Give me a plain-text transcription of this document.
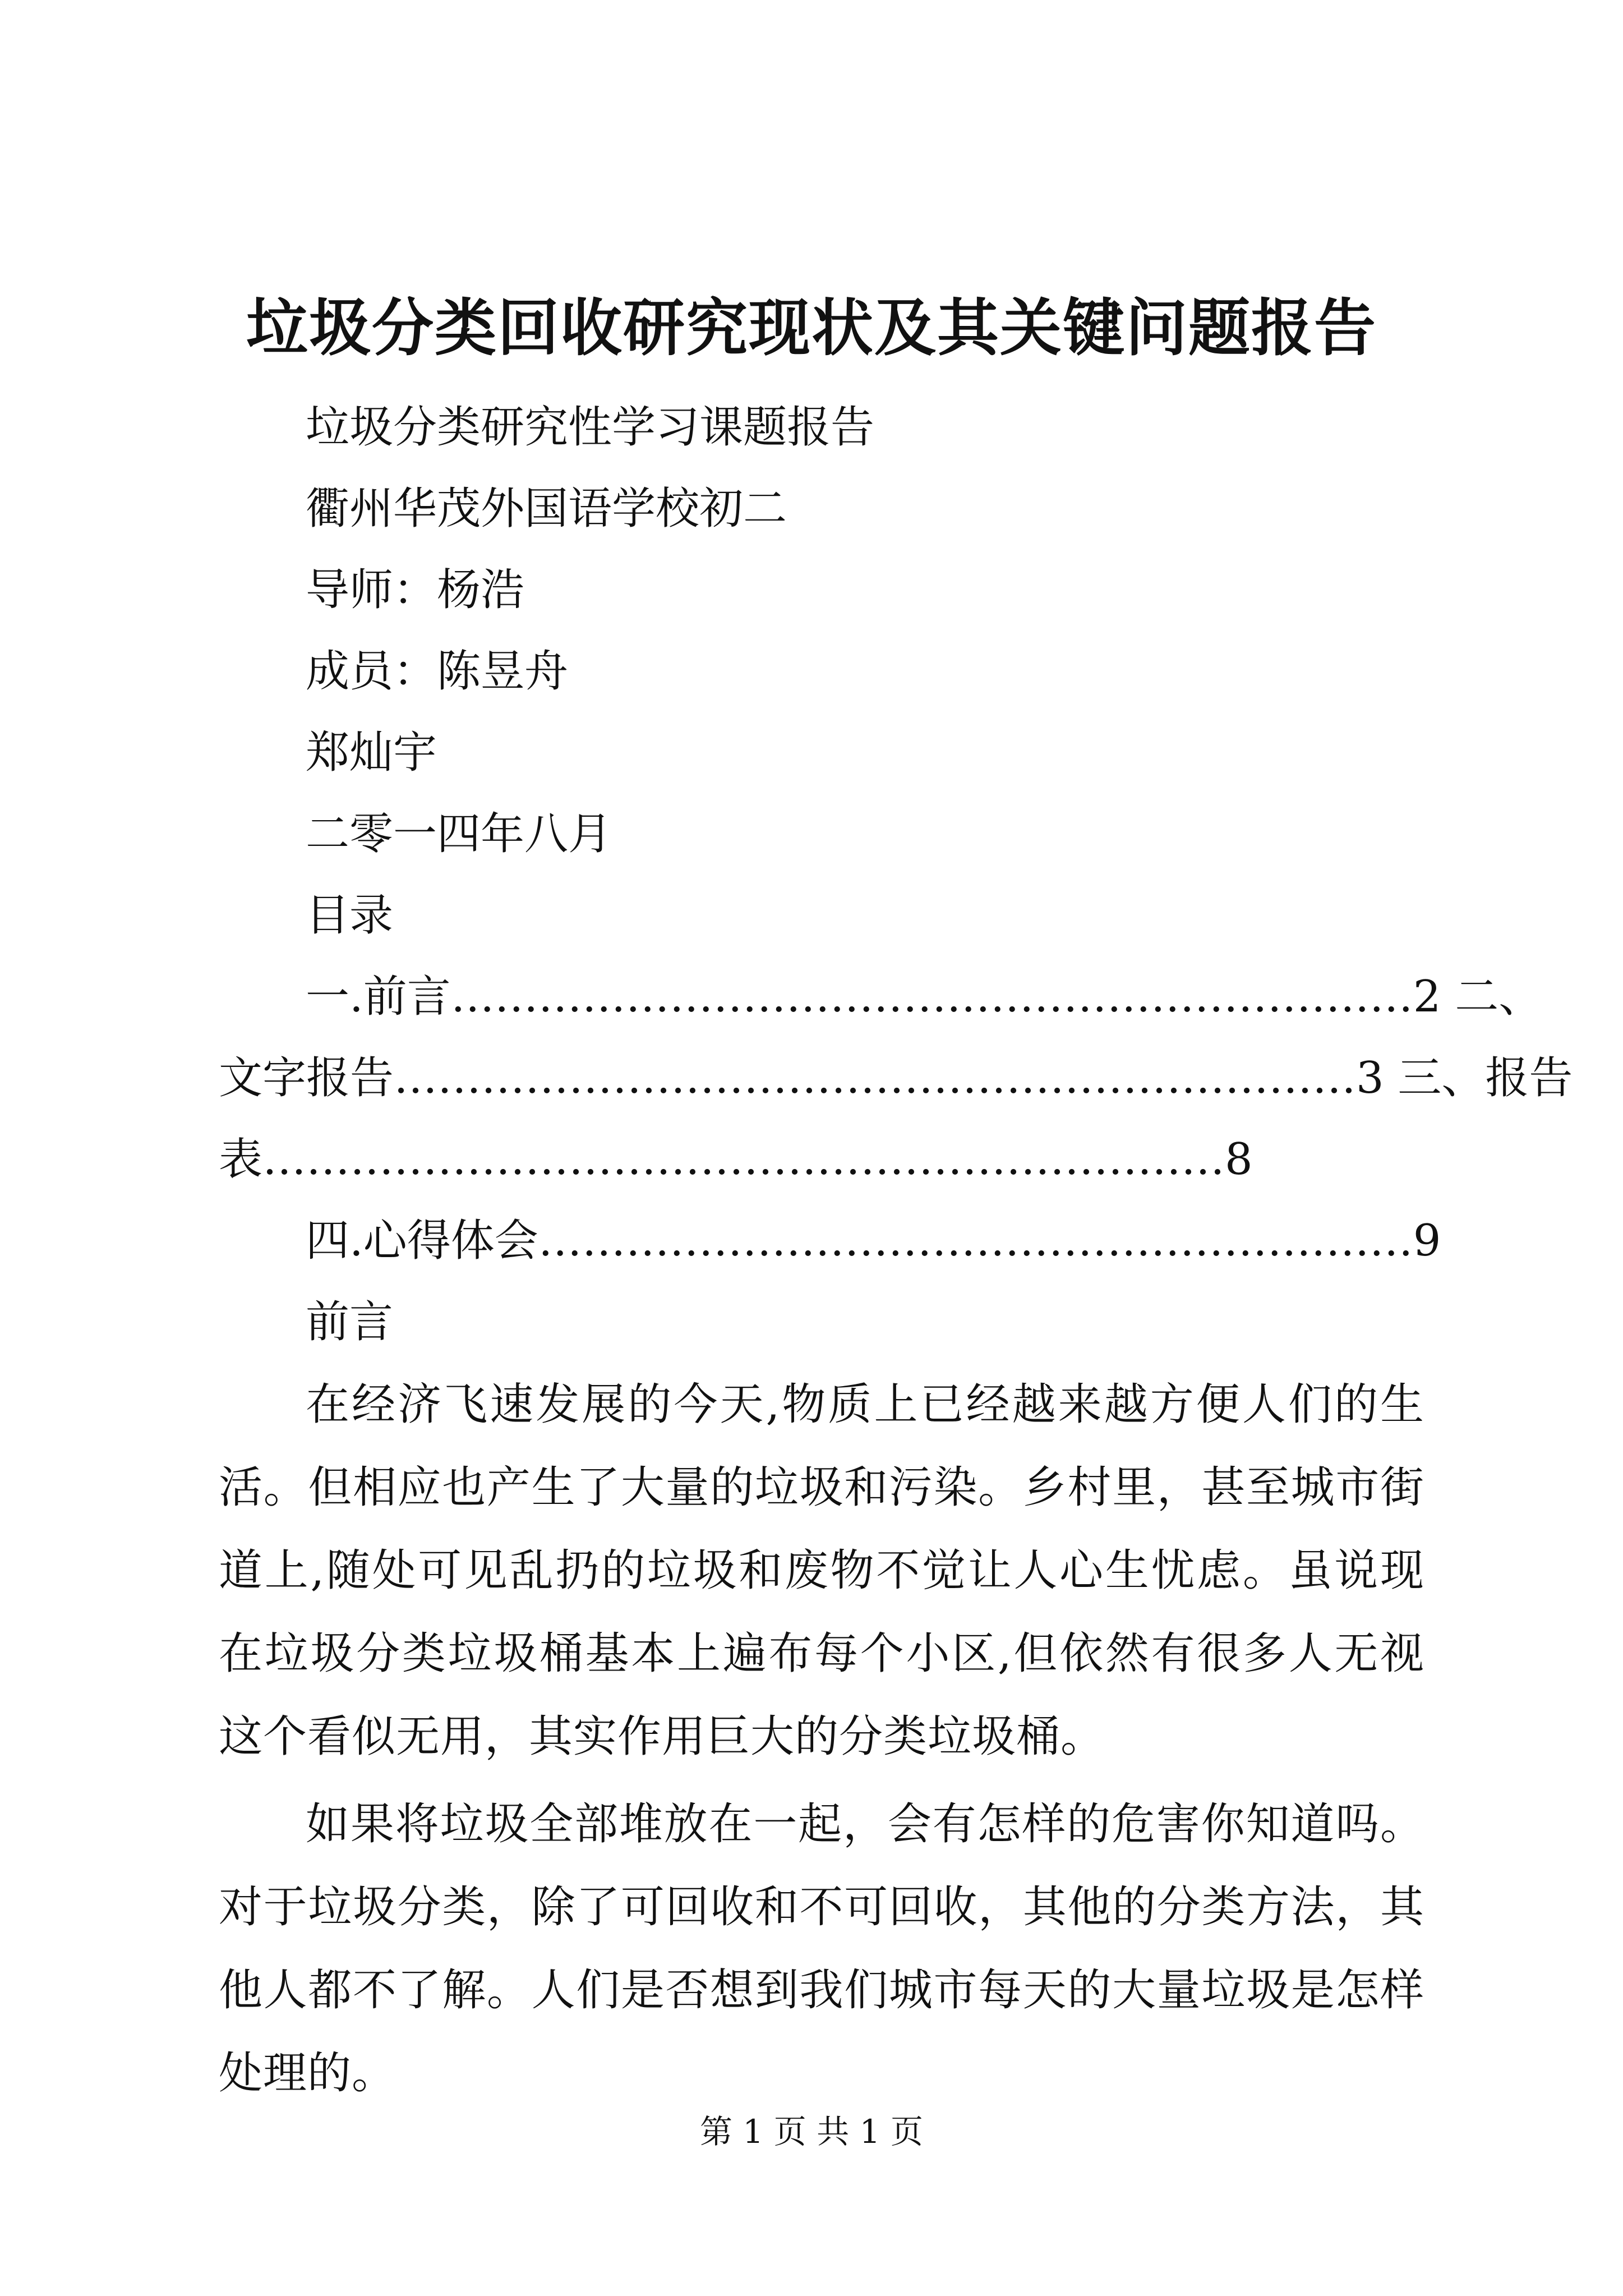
垃圾分类回收研究现状及其关键问题报告

垃圾分类研究性学习课题报告

衢州华茂外国语学校初二

导师：杨浩

成员：陈昱舟

郑灿宇

二零一四年八月

目录

一.前言…………………………………………………………2 二、

文字报告…………………………………………………………3 三、报告

表…………………………………………………………8

四.心得体会……………………………………………………9

前言

在经济飞速发展的今天,物质上已经越来越方便人们的生活。但相应也产生了大量的垃圾和污染。乡村里，甚至城市街道上,随处可见乱扔的垃圾和废物不觉让人心生忧虑。虽说现在垃圾分类垃圾桶基本上遍布每个小区,但依然有很多人无视这个看似无用，其实作用巨大的分类垃圾桶。

如果将垃圾全部堆放在一起，会有怎样的危害你知道吗。对于垃圾分类，除了可回收和不可回收，其他的分类方法，其他人都不了解。人们是否想到我们城市每天的大量垃圾是怎样处理的。

第 1 页 共 1 页
